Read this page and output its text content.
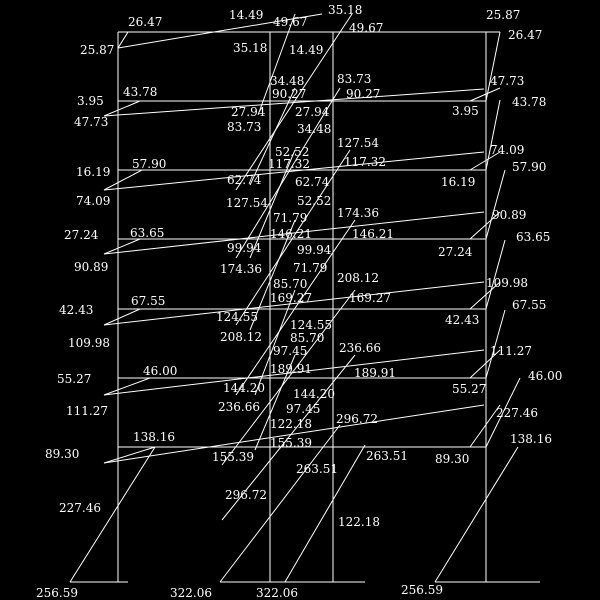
26.47	14.49 49.67
35.18	25.87
25.87	35.18 14.49
49.67	26.47
34.48	83.73	47.73
3.95
43.78	90.27	90.27
47.73
27.94 27.94	3.95
43.78
83.73	34.48
52.52
127.54	74.09
16.19
57.90	117.32	117.32	57.90
62.74	62.74	16.19
74.09	127.54 52.52
71.79 174.36	90.89
27.24	63.65	146.21	146.21	63.65
99.94	99.94	27.24
90.89	174.36	71.79
85.70 208.12	109.98
42.43
67.55	169.27	169.27	67.55
124.55
124.55	42.43
109.98	208.12 85.70
97.45	236.66	111.27
55.27
46.00	189.91	189.91	46.00
144.20 144.20	55.27
111.27	236.66 97.45
296.72	227.46
122.18
138.16
89.30
155.39
155.39
263.51
263.51 89.30
138.16
227.46
296.72
122.18
256.59	322.06	322.06	256.59
